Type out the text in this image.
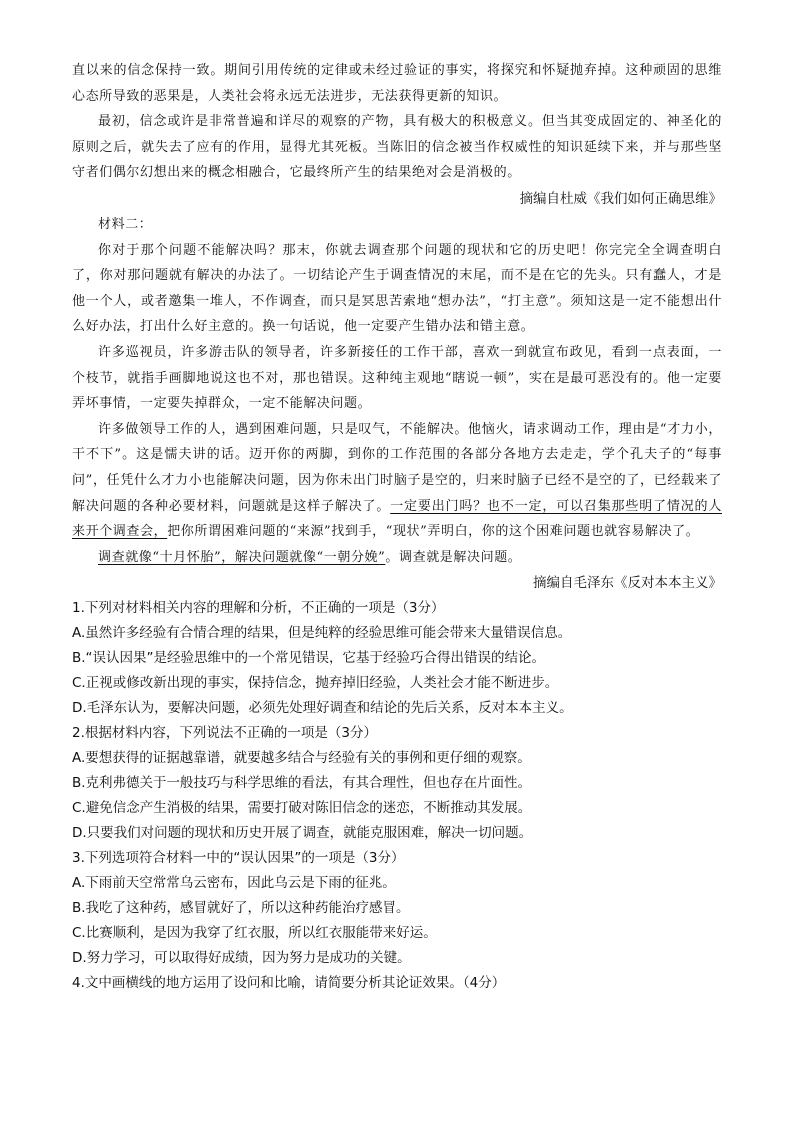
直以来的信念保持一致。期间引用传统的定律或未经过验证的事实，将探究和怀疑抛弃掉。这种顽固的思维心态所导致的恶果是，人类社会将永远无法进步，无法获得更新的知识。

最初，信念或许是非常普遍和详尽的观察的产物，具有极大的积极意义。但当其变成固定的、神圣化的原则之后，就失去了应有的作用，显得尤其死板。当陈旧的信念被当作权威性的知识延续下来，并与那些坚守者们偶尔幻想出来的概念相融合，它最终所产生的结果绝对会是消极的。

摘编自杜威《我们如何正确思维》

材料二：

你对于那个问题不能解决吗？那末，你就去调查那个问题的现状和它的历史吧！你完完全全调查明白了，你对那问题就有解决的办法了。一切结论产生于调查情况的末尾，而不是在它的先头。只有蠢人，才是他一个人，或者邀集一堆人，不作调查，而只是冥思苦索地“想办法”，“打主意”。须知这是一定不能想出什么好办法，打出什么好主意的。换一句话说，他一定要产生错办法和错主意。

许多巡视员，许多游击队的领导者，许多新接任的工作干部，喜欢一到就宣布政见，看到一点表面，一个枝节，就指手画脚地说这也不对，那也错误。这种纯主观地“瞎说一顿”，实在是最可恶没有的。他一定要弄坏事情，一定要失掉群众，一定不能解决问题。

许多做领导工作的人，遇到困难问题，只是叹气，不能解决。他恼火，请求调动工作，理由是“才力小，干不下”。这是懦夫讲的话。迈开你的两脚，到你的工作范围的各部分各地方去走走，学个孔夫子的“每事问”，任凭什么才力小也能解决问题，因为你未出门时脑子是空的，归来时脑子已经不是空的了，已经载来了解决问题的各种必要材料，问题就是这样子解决了。一定要出门吗？也不一定，可以召集那些明了情况的人来开个调查会，把你所谓困难问题的“来源”找到手，“现状”弄明白，你的这个困难问题也就容易解决了。

调查就像“十月怀胎”，解决问题就像“一朝分娩”。调查就是解决问题。

摘编自毛泽东《反对本本主义》

1.下列对材料相关内容的理解和分析，不正确的一项是（3分）

A.虽然许多经验有合情合理的结果，但是纯粹的经验思维可能会带来大量错误信息。

B.“误认因果”是经验思维中的一个常见错误，它基于经验巧合得出错误的结论。

C.正视或修改新出现的事实，保持信念，抛弃掉旧经验，人类社会才能不断进步。

D.毛泽东认为，要解决问题，必须先处理好调查和结论的先后关系，反对本本主义。

2.根据材料内容，下列说法不正确的一项是（3分）

A.要想获得的证据越靠谱，就要越多结合与经验有关的事例和更仔细的观察。

B.克利弗德关于一般技巧与科学思维的看法，有其合理性，但也存在片面性。

C.避免信念产生消极的结果，需要打破对陈旧信念的迷恋，不断推动其发展。

D.只要我们对问题的现状和历史开展了调查，就能克服困难，解决一切问题。

3.下列选项符合材料一中的“误认因果”的一项是（3分）

A.下雨前天空常常乌云密布，因此乌云是下雨的征兆。

B.我吃了这种药，感冒就好了，所以这种药能治疗感冒。

C.比赛顺利，是因为我穿了红衣服，所以红衣服能带来好运。

D.努力学习，可以取得好成绩，因为努力是成功的关键。

4.文中画横线的地方运用了设问和比喻，请简要分析其论证效果。（4分）
